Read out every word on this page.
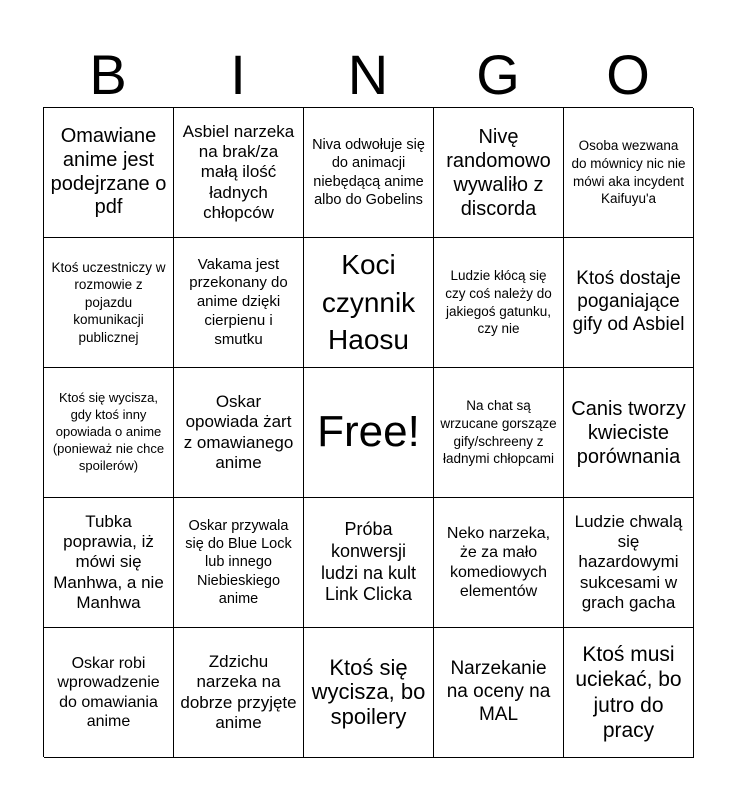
B	I	N	G	O
Omawiane anime jest podejrzane o pdf
Asbiel narzeka na brak/za małą ilość ładnych chłopców
Niva odwołuje się do animacji niebędącą anime albo do Gobelins
Nivę randomowo wywaliło z discorda
Osoba wezwana do mównicy nic nie mówi aka incydent Kaifuyu'a
Ktoś uczestniczy w rozmowie z pojazdu komunikacji publicznej
Vakama jest przekonany do anime dzięki cierpienu i smutku
Koci czynnik Haosu
Ludzie kłócą się czy coś należy do jakiegoś gatunku, czy nie
Ktoś dostaje poganiające gify od Asbiel
Ktoś się wycisza, gdy ktoś inny opowiada o anime (ponieważ nie chce spoilerów)
Oskar opowiada żart z omawianego anime
Free!
Na chat są wrzucane gorsząze gify/schreeny z ładnymi chłopcami
Canis tworzy kwieciste porównania
Tubka poprawia, iż mówi się Manhwa, a nie Manhwa
Oskar przywala się do Blue Lock lub innego Niebieskiego anime
Próba konwersji ludzi na kult Link Clicka
Neko narzeka, że za mało komediowych elementów
Ludzie chwalą się hazardowymi sukcesami w grach gacha
Oskar robi wprowadzenie do omawiania anime
Zdzichu narzeka na dobrze przyjęte anime
Ktoś się wycisza, bo spoilery
Narzekanie na oceny na MAL
Ktoś musi uciekać, bo jutro do pracy
